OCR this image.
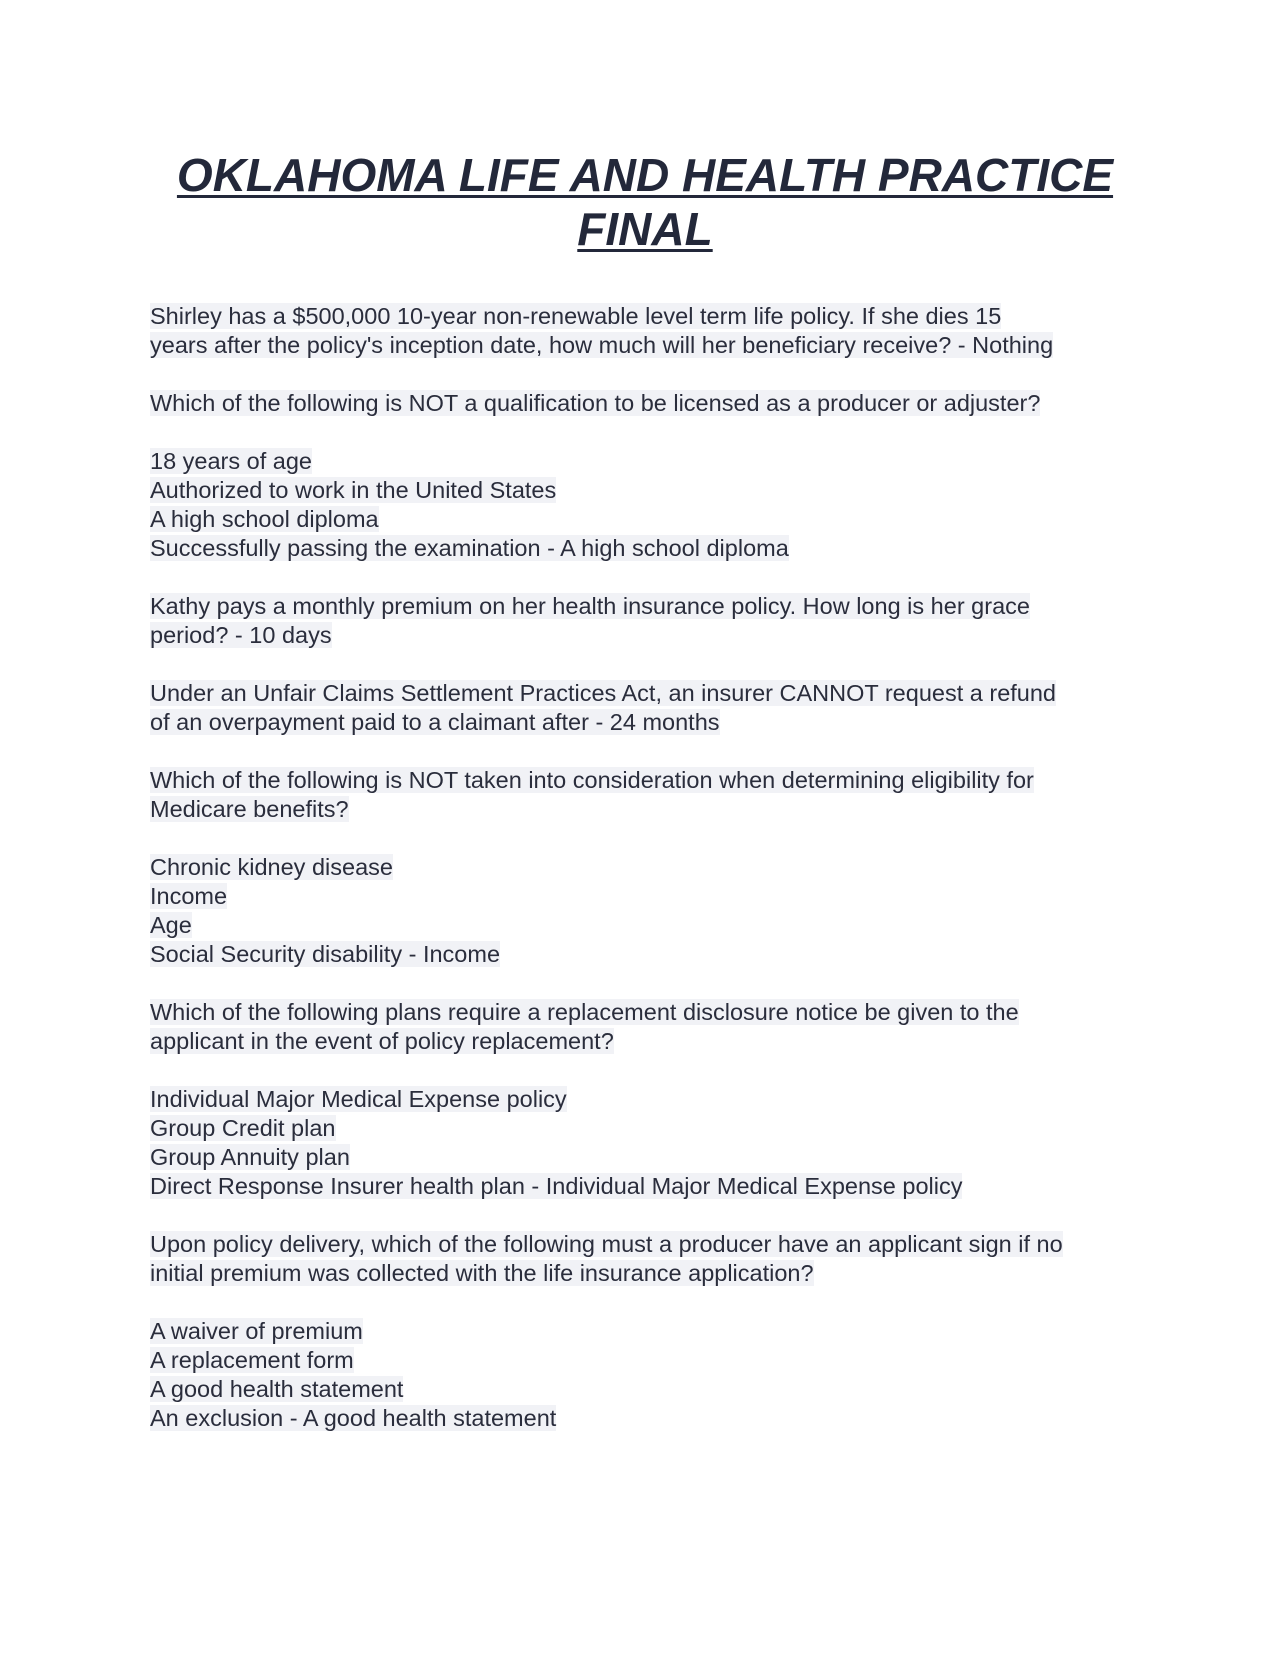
OKLAHOMA LIFE AND HEALTH PRACTICE FINAL
Shirley has a $500,000 10-year non-renewable level term life policy. If she dies 15
years after the policy's inception date, how much will her beneficiary receive? - Nothing
Which of the following is NOT a qualification to be licensed as a producer or adjuster?
18 years of age
Authorized to work in the United States
A high school diploma
Successfully passing the examination - A high school diploma
Kathy pays a monthly premium on her health insurance policy. How long is her grace
period? - 10 days
Under an Unfair Claims Settlement Practices Act, an insurer CANNOT request a refund
of an overpayment paid to a claimant after - 24 months
Which of the following is NOT taken into consideration when determining eligibility for
Medicare benefits?
Chronic kidney disease
Income
Age
Social Security disability - Income
Which of the following plans require a replacement disclosure notice be given to the
applicant in the event of policy replacement?
Individual Major Medical Expense policy
Group Credit plan
Group Annuity plan
Direct Response Insurer health plan - Individual Major Medical Expense policy
Upon policy delivery, which of the following must a producer have an applicant sign if no
initial premium was collected with the life insurance application?
A waiver of premium
A replacement form
A good health statement
An exclusion - A good health statement
